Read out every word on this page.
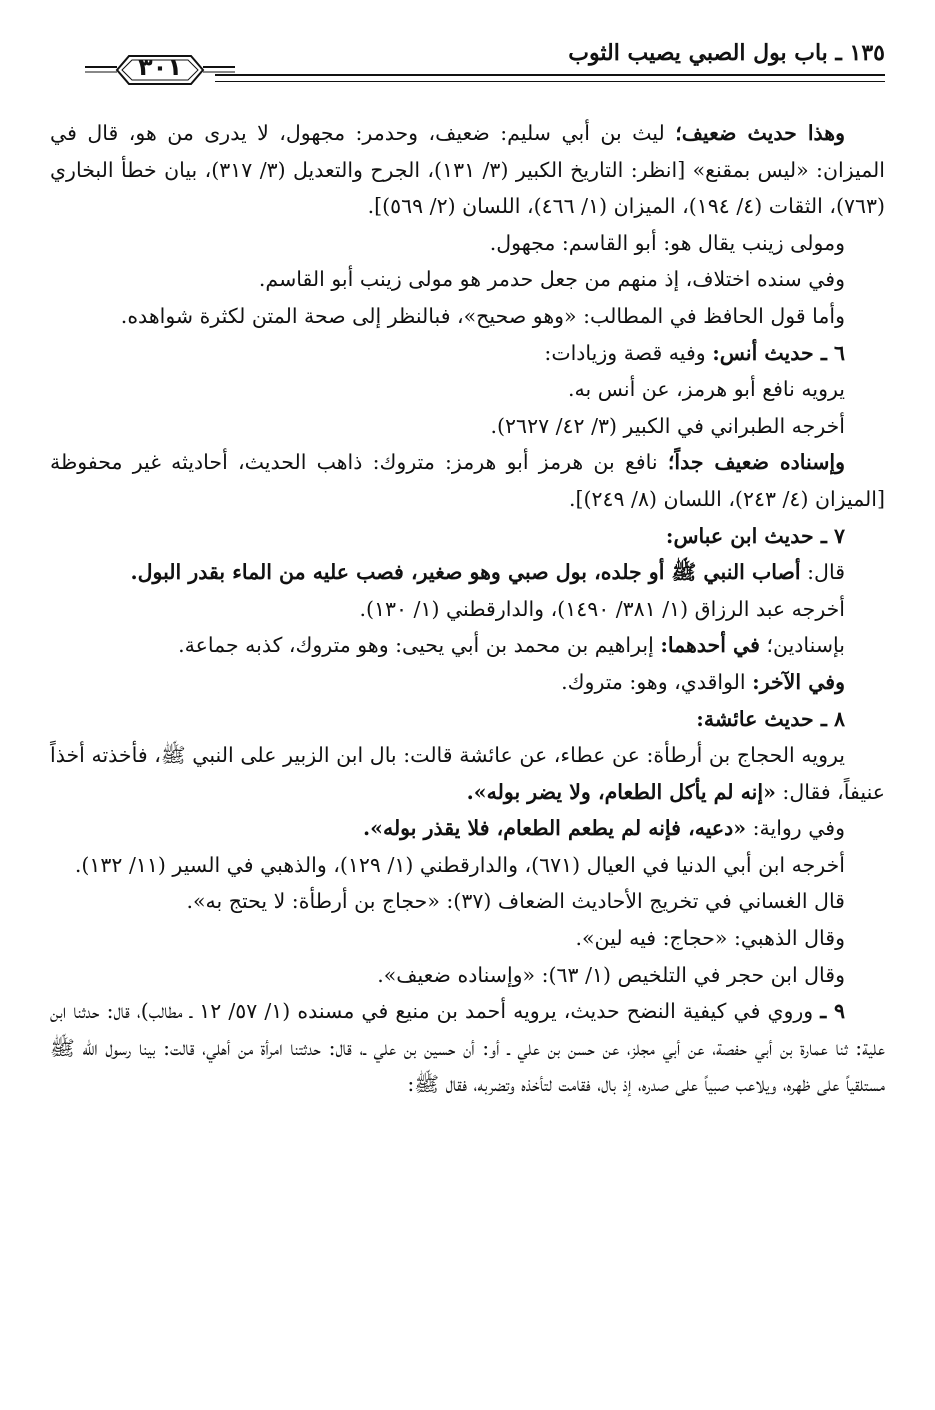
١٣٥ ـ باب بول الصبي يصيب الثوب
٣٠١

وهذا حديث ضعيف؛ ليث بن أبي سليم: ضعيف، وحدمر: مجهول، لا يدرى من هو، قال في الميزان: «ليس بمقنع» [انظر: التاريخ الكبير (٣/ ١٣١)، الجرح والتعديل (٣/ ٣١٧)، بيان خطأ البخاري (٧٦٣)، الثقات (٤/ ١٩٤)، الميزان (١/ ٤٦٦)، اللسان (٢/ ٥٦٩)].

ومولى زينب يقال هو: أبو القاسم: مجهول.

وفي سنده اختلاف، إذ منهم من جعل حدمر هو مولى زينب أبو القاسم.

وأما قول الحافظ في المطالب: «وهو صحيح»، فبالنظر إلى صحة المتن لكثرة شواهده.

٦ ـ حديث أنس: وفيه قصة وزيادات:

يرويه نافع أبو هرمز، عن أنس به.

أخرجه الطبراني في الكبير (٣/ ٤٢/ ٢٦٢٧).

وإسناده ضعيف جداً؛ نافع بن هرمز أبو هرمز: متروك: ذاهب الحديث، أحاديثه غير محفوظة [الميزان (٤/ ٢٤٣)، اللسان (٨/ ٢٤٩)].

٧ ـ حديث ابن عباس:

قال: أصاب النبي ﷺ أو جلده، بول صبي وهو صغير، فصب عليه من الماء بقدر البول.

أخرجه عبد الرزاق (١/ ٣٨١/ ١٤٩٠)، والدارقطني (١/ ١٣٠).

بإسنادين؛ في أحدهما: إبراهيم بن محمد بن أبي يحيى: وهو متروك، كذبه جماعة.

وفي الآخر: الواقدي، وهو: متروك.

٨ ـ حديث عائشة:

يرويه الحجاج بن أرطأة: عن عطاء، عن عائشة قالت: بال ابن الزبير على النبي ﷺ، فأخذته أخذاً عنيفاً، فقال: «إنه لم يأكل الطعام، ولا يضر بوله».

وفي رواية: «دعيه، فإنه لم يطعم الطعام، فلا يقذر بوله».

أخرجه ابن أبي الدنيا في العيال (٦٧١)، والدارقطني (١/ ١٢٩)، والذهبي في السير (١١/ ١٣٢).

قال الغساني في تخريج الأحاديث الضعاف (٣٧): «حجاج بن أرطأة: لا يحتج به».

وقال الذهبي: «حجاج: فيه لين».

وقال ابن حجر في التلخيص (١/ ٦٣): «وإسناده ضعيف».

٩ ـ وروي في كيفية النضح حديث، يرويه أحمد بن منيع في مسنده (١/ ٥٧/ ١٢ ـ مطالب)، قال: حدثنا ابن علية: ثنا عمارة بن أبي حفصة، عن أبي مجلز، عن حسن بن علي ـ أو: أن حسين بن علي ـ، قال: حدثتنا امرأة من أهلي، قالت: بينا رسول الله ﷺ مستلقياً على ظهره، ويلاعب صبياً على صدره، إذ بال، فقامت لتأخذه وتضربه، فقال ﷺ:
